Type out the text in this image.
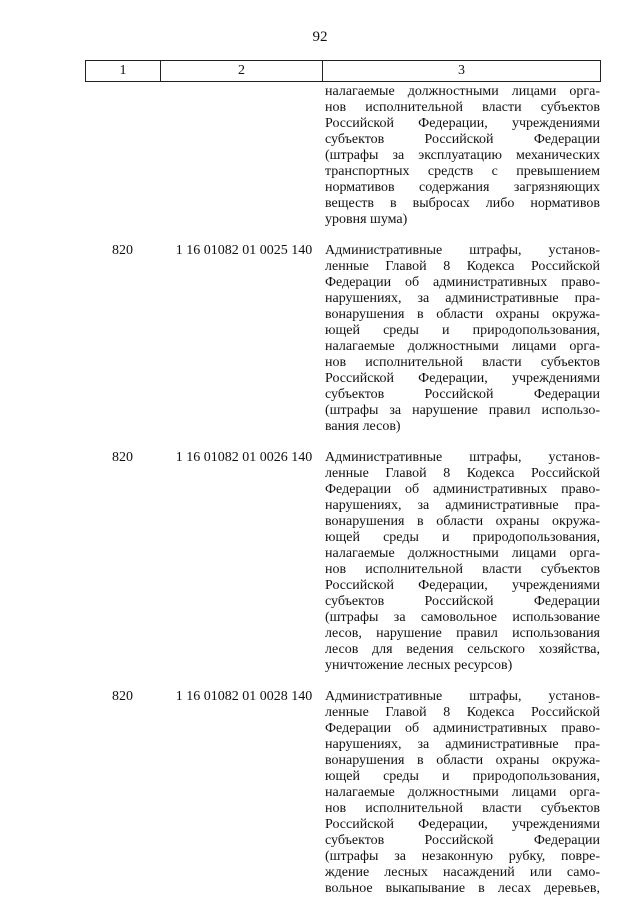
92
1	2	3
налагаемые должностными лицами орга-
нов исполнительной власти субъектов
Российской Федерации, учреждениями
субъектов Российской Федерации
(штрафы за эксплуатацию механических
транспортных средств с превышением
нормативов содержания загрязняющих
веществ в выбросах либо нормативов
уровня шума)
820	1 16 01082 01 0025 140 Административные штрафы, установ-
ленные Главой 8 Кодекса Российской
Федерации об административных право-
нарушениях, за административные пра-
вонарушения в области охраны окружа-
ющей среды и природопользования,
налагаемые должностными лицами орга-
нов исполнительной власти субъектов
Российской Федерации, учреждениями
субъектов Российской Федерации
(штрафы за нарушение правил использо-
вания лесов)
820	1 16 01082 01 0026 140 Административные штрафы, установ-
ленные Главой 8 Кодекса Российской
Федерации об административных право-
нарушениях, за административные пра-
вонарушения в области охраны окружа-
ющей среды и природопользования,
налагаемые должностными лицами орга-
нов исполнительной власти субъектов
Российской Федерации, учреждениями
субъектов Российской Федерации
(штрафы за самовольное использование
лесов, нарушение правил использования
лесов для ведения сельского хозяйства,
уничтожение лесных ресурсов)
820	1 16 01082 01 0028 140 Административные штрафы, установ-
ленные Главой 8 Кодекса Российской
Федерации об административных право-
нарушениях, за административные пра-
вонарушения в области охраны окружа-
ющей среды и природопользования,
налагаемые должностными лицами орга-
нов исполнительной власти субъектов
Российской Федерации, учреждениями
субъектов Российской Федерации
(штрафы за незаконную рубку, повре-
ждение лесных насаждений или само-
вольное выкапывание в лесах деревьев,
